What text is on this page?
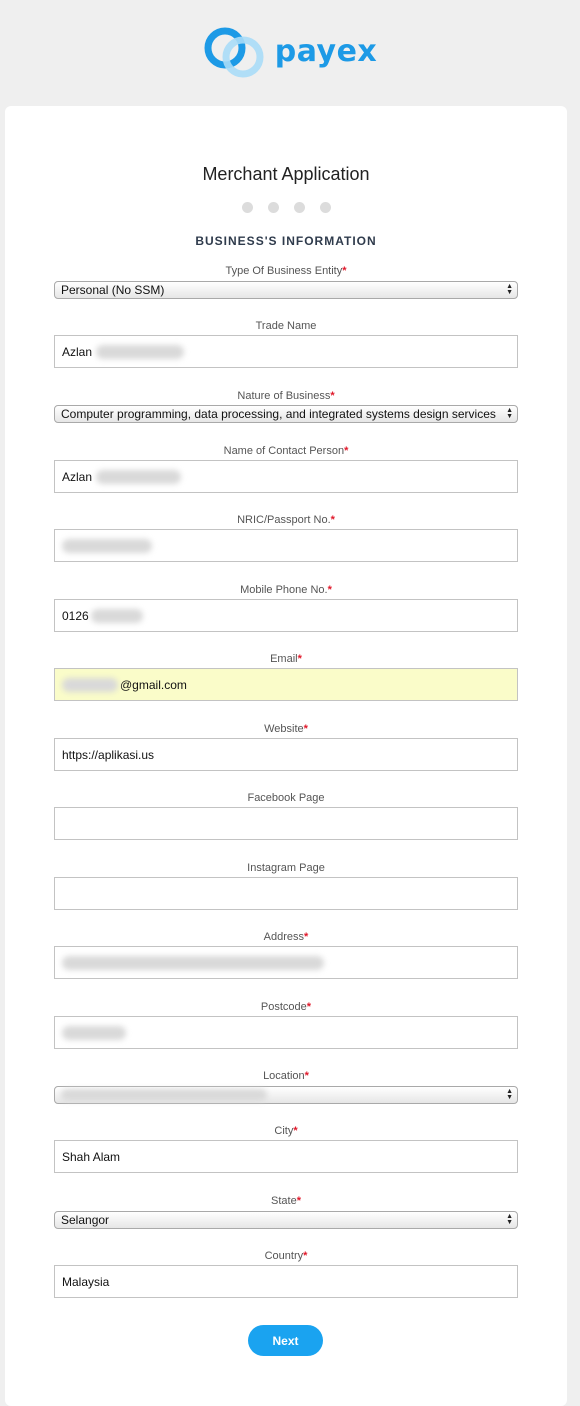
payex
Merchant Application
BUSINESS'S INFORMATION
Type Of Business Entity*
Personal (No SSM)	▲
▼
Trade Name
Azlan
Nature of Business*
Computer programming, data processing, and integrated systems design services	▲
▼
Name of Contact Person*
Azlan
NRIC/Passport No.*
Mobile Phone No.*
0126
Email*
@gmail.com
Website*
https://aplikasi.us
Facebook Page
Instagram Page
Address*
Postcode*
Location*
▲
▼
City*
Shah Alam
State*
Selangor	▲
▼
Country*
Malaysia
Next
